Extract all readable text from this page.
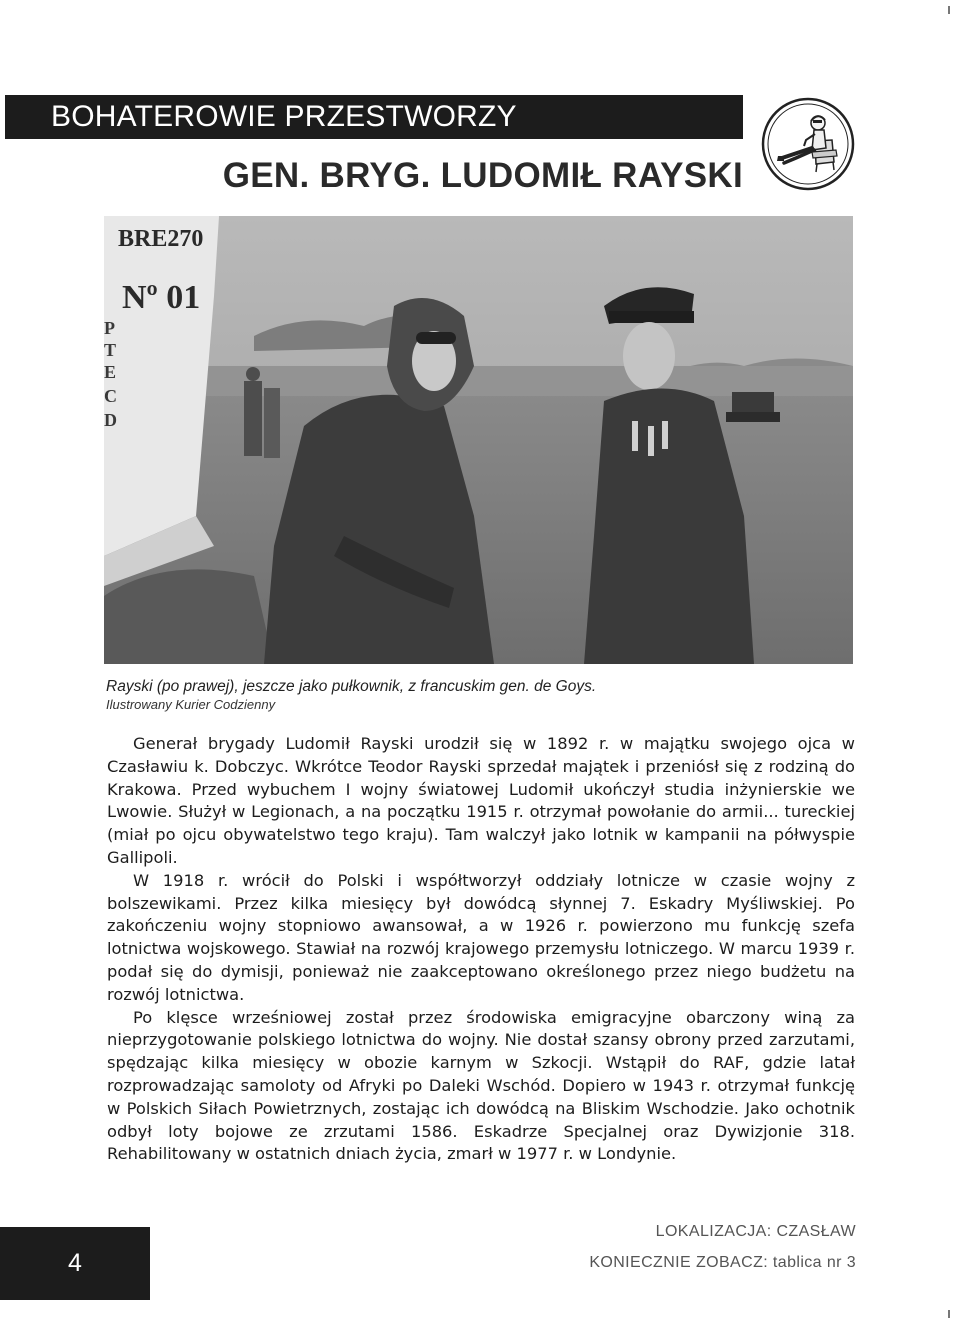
BOHATEROWIE PRZESTWORZY
GEN. BRYG. LUDOMIŁ RAYSKI
BRE270
Nº 01
P
T
E
C
D
Rayski (po prawej), jeszcze jako pułkownik, z francuskim gen. de Goys.
Ilustrowany Kurier Codzienny

Generał brygady Ludomił Rayski urodził się w 1892 r. w majątku swojego ojca w Czasławiu k. Dobczyc. Wkrótce Teodor Rayski sprzedał majątek i przeniósł się z rodziną do Krakowa. Przed wybuchem I wojny światowej Ludomił ukończył studia inżynierskie we Lwowie. Służył w Legionach, a na początku 1915 r. otrzymał powołanie do armii... tureckiej (miał po ojcu obywatelstwo tego kraju). Tam walczył jako lotnik w kampanii na półwyspie Gallipoli.

W 1918 r. wrócił do Polski i współtworzył oddziały lotnicze w czasie wojny z bolszewikami. Przez kilka miesięcy był dowódcą słynnej 7. Eskadry Myśliwskiej. Po zakończeniu wojny stopniowo awansował, a w 1926 r. powierzono mu funkcję szefa lotnictwa wojskowego. Stawiał na rozwój krajowego przemysłu lotniczego. W marcu 1939 r. podał się do dymisji, ponieważ nie zaakceptowano określonego przez niego budżetu na rozwój lotnictwa.

Po klęsce wrześniowej został przez środowiska emigracyjne obarczony winą za nieprzygotowanie polskiego lotnictwa do wojny. Nie dostał szansy obrony przed zarzutami, spędzając kilka miesięcy w obozie karnym w Szkocji. Wstąpił do RAF, gdzie latał rozprowadzając samoloty od Afryki po Daleki Wschód. Dopiero w 1943 r. otrzymał funkcję w Polskich Siłach Powietrznych, zostając ich dowódcą na Bliskim Wschodzie. Jako ochotnik odbył loty bojowe ze zrzutami 1586. Eskadrze Specjalnej oraz Dywizjonie 318. Rehabilitowany w ostatnich dniach życia, zmarł w 1977 r. w Londynie.

4
LOKALIZACJA: CZASŁAW
KONIECZNIE ZOBACZ: tablica nr 3
